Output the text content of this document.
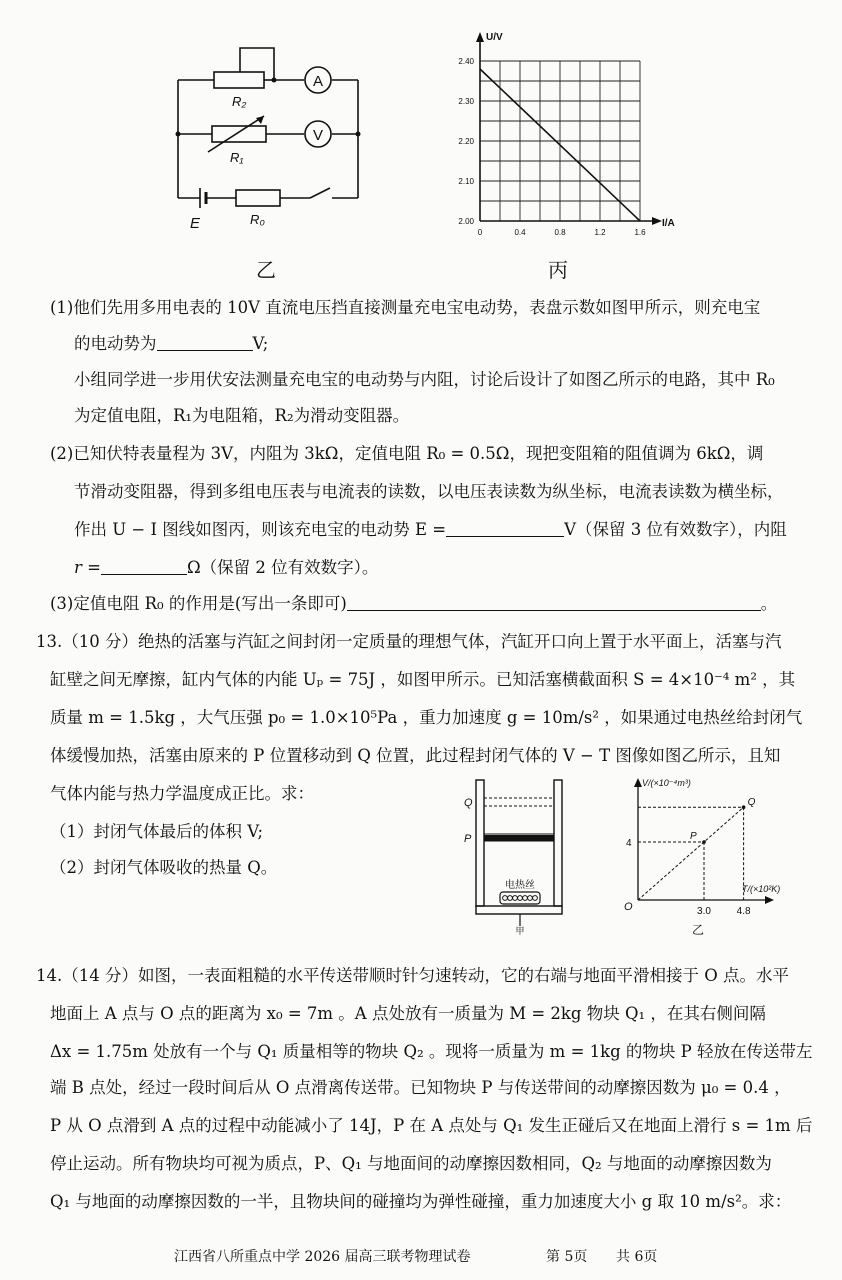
A
V
R₂
R₁
R₀
E
乙
U/V
I/A
2.40
2.30
2.20
2.10
2.00
0	0.4	0.8	1.2	1.6
丙
(1)他们先用多用电表的 10V 直流电压挡直接测量充电宝电动势，表盘示数如图甲所示，则充电宝
的电动势为	V;
小组同学进一步用伏安法测量充电宝的电动势与内阻，讨论后设计了如图乙所示的电路，其中 R₀
为定值电阻，R₁为电阻箱，R₂为滑动变阻器。
(2)已知伏特表量程为 3V，内阻为 3kΩ，定值电阻 R₀ = 0.5Ω，现把变阻箱的阻值调为 6kΩ，调
节滑动变阻器，得到多组电压表与电流表的读数，以电压表读数为纵坐标，电流表读数为横坐标，
作出 U − I 图线如图丙，则该充电宝的电动势 E =	V（保留 3 位有效数字），内阻
r =	Ω（保留 2 位有效数字）。
(3)定值电阻 R₀ 的作用是(写出一条即可)	。
13.（10 分）绝热的活塞与汽缸之间封闭一定质量的理想气体，汽缸开口向上置于水平面上，活塞与汽
缸壁之间无摩擦，缸内气体的内能 Uₚ = 75J ，如图甲所示。已知活塞横截面积 S = 4×10⁻⁴ m² ，其
质量 m = 1.5kg ，大气压强 p₀ = 1.0×10⁵Pa ，重力加速度 g = 10m/s² ，如果通过电热丝给封闭气
体缓慢加热，活塞由原来的 P 位置移动到 Q 位置，此过程封闭气体的 V − T 图像如图乙所示，且知
气体内能与热力学温度成正比。求：
（1）封闭气体最后的体积 V;
（2）封闭气体吸收的热量 Q。
Q
P
电热丝
甲
V/(×10⁻⁴m³)
T/(×10²K)
O
4
3.0	4.8
P
Q
乙
14.（14 分）如图，一表面粗糙的水平传送带顺时针匀速转动，它的右端与地面平滑相接于 O 点。水平
地面上 A 点与 O 点的距离为 x₀ = 7m 。A 点处放有一质量为 M = 2kg 物块 Q₁ ，在其右侧间隔
Δx = 1.75m 处放有一个与 Q₁ 质量相等的物块 Q₂ 。现将一质量为 m = 1kg 的物块 P 轻放在传送带左
端 B 点处，经过一段时间后从 O 点滑离传送带。已知物块 P 与传送带间的动摩擦因数为 μ₀ = 0.4 ，
P 从 O 点滑到 A 点的过程中动能减小了 14J，P 在 A 点处与 Q₁ 发生正碰后又在地面上滑行 s = 1m 后
停止运动。所有物块均可视为质点，P、Q₁ 与地面间的动摩擦因数相同，Q₂ 与地面的动摩擦因数为
Q₁ 与地面的动摩擦因数的一半，且物块间的碰撞均为弹性碰撞，重力加速度大小 g 取 10 m/s²。求：
江西省八所重点中学 2026 届高三联考物理试卷	第 5页 共 6页
